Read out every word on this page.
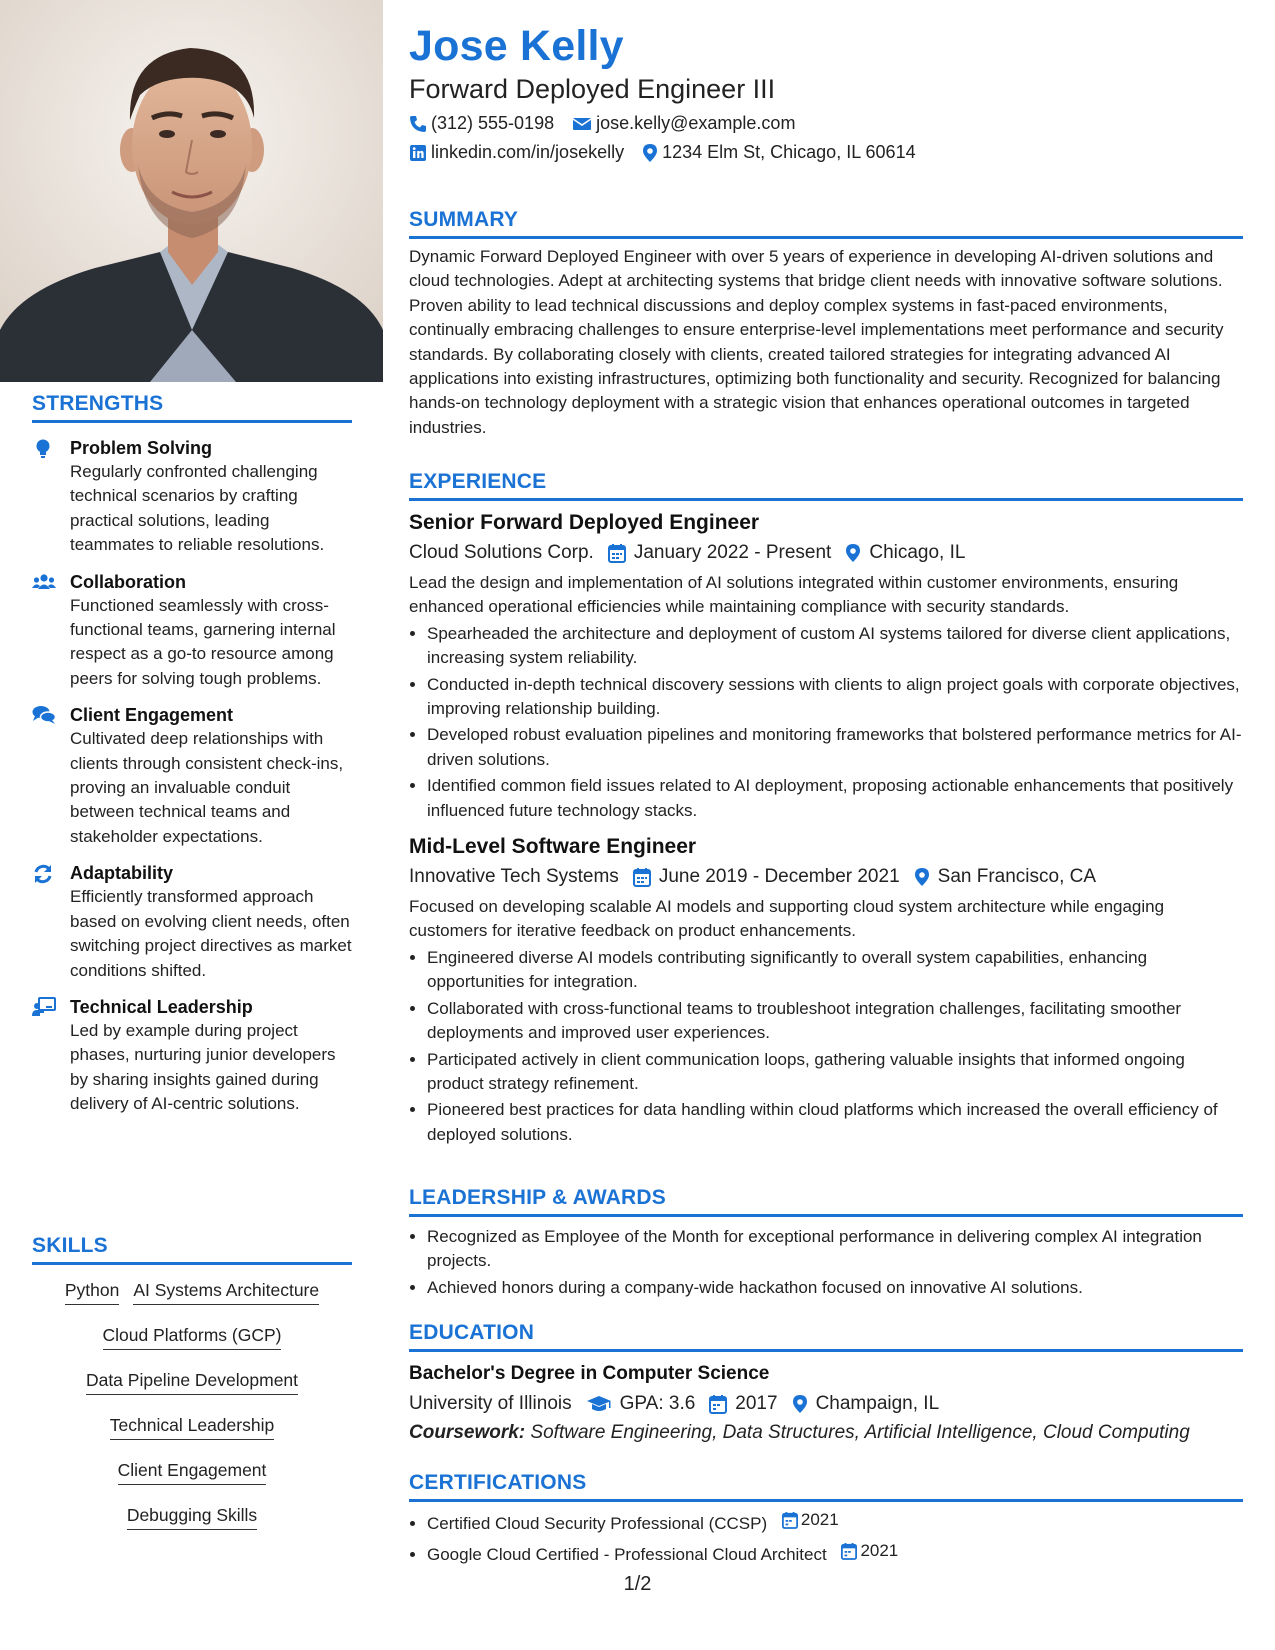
STRENGTHS
Problem Solving
Regularly confronted challenging technical scenarios by crafting practical solutions, leading teammates to reliable resolutions.
Collaboration
Functioned seamlessly with cross-functional teams, garnering internal respect as a go-to resource among peers for solving tough problems.
Client Engagement
Cultivated deep relationships with clients through consistent check-ins, proving an invaluable conduit between technical teams and stakeholder expectations.
Adaptability
Efficiently transformed approach based on evolving client needs, often switching project directives as market conditions shifted.
Technical Leadership
Led by example during project phases, nurturing junior developers by sharing insights gained during delivery of AI-centric solutions.
SKILLS
Python AI Systems Architecture
Cloud Platforms (GCP)
Data Pipeline Development
Technical Leadership
Client Engagement
Debugging Skills
Jose Kelly
Forward Deployed Engineer III
(312) 555-0198 jose.kelly@example.com
linkedin.com/in/josekelly 1234 Elm St, Chicago, IL 60614
SUMMARY

Dynamic Forward Deployed Engineer with over 5 years of experience in developing AI-driven solutions and cloud technologies. Adept at architecting systems that bridge client needs with innovative software solutions. Proven ability to lead technical discussions and deploy complex systems in fast-paced environments, continually embracing challenges to ensure enterprise-level implementations meet performance and security standards. By collaborating closely with clients, created tailored strategies for integrating advanced AI applications into existing infrastructures, optimizing both functionality and security. Recognized for balancing hands-on technology deployment with a strategic vision that enhances operational outcomes in targeted industries.

EXPERIENCE
Senior Forward Deployed Engineer
Cloud Solutions Corp. January 2022 - Present Chicago, IL

Lead the design and implementation of AI solutions integrated within customer environments, ensuring enhanced operational efficiencies while maintaining compliance with security standards.

• Spearheaded the architecture and deployment of custom AI systems tailored for diverse client applications, increasing system reliability.
• Conducted in-depth technical discovery sessions with clients to align project goals with corporate objectives, improving relationship building.
• Developed robust evaluation pipelines and monitoring frameworks that bolstered performance metrics for AI-driven solutions.
• Identified common field issues related to AI deployment, proposing actionable enhancements that positively influenced future technology stacks.
Mid-Level Software Engineer
Innovative Tech Systems June 2019 - December 2021 San Francisco, CA

Focused on developing scalable AI models and supporting cloud system architecture while engaging customers for iterative feedback on product enhancements.

• Engineered diverse AI models contributing significantly to overall system capabilities, enhancing opportunities for integration.
• Collaborated with cross-functional teams to troubleshoot integration challenges, facilitating smoother deployments and improved user experiences.
• Participated actively in client communication loops, gathering valuable insights that informed ongoing product strategy refinement.
• Pioneered best practices for data handling within cloud platforms which increased the overall efficiency of deployed solutions.
LEADERSHIP & AWARDS
• Recognized as Employee of the Month for exceptional performance in delivering complex AI integration projects.
• Achieved honors during a company-wide hackathon focused on innovative AI solutions.
EDUCATION
Bachelor's Degree in Computer Science
University of Illinois	GPA: 3.6 2017 Champaign, IL
Coursework: Software Engineering, Data Structures, Artificial Intelligence, Cloud Computing
CERTIFICATIONS
• Certified Cloud Security Professional (CCSP) 2021
• Google Cloud Certified - Professional Cloud Architect 2021
1/2
